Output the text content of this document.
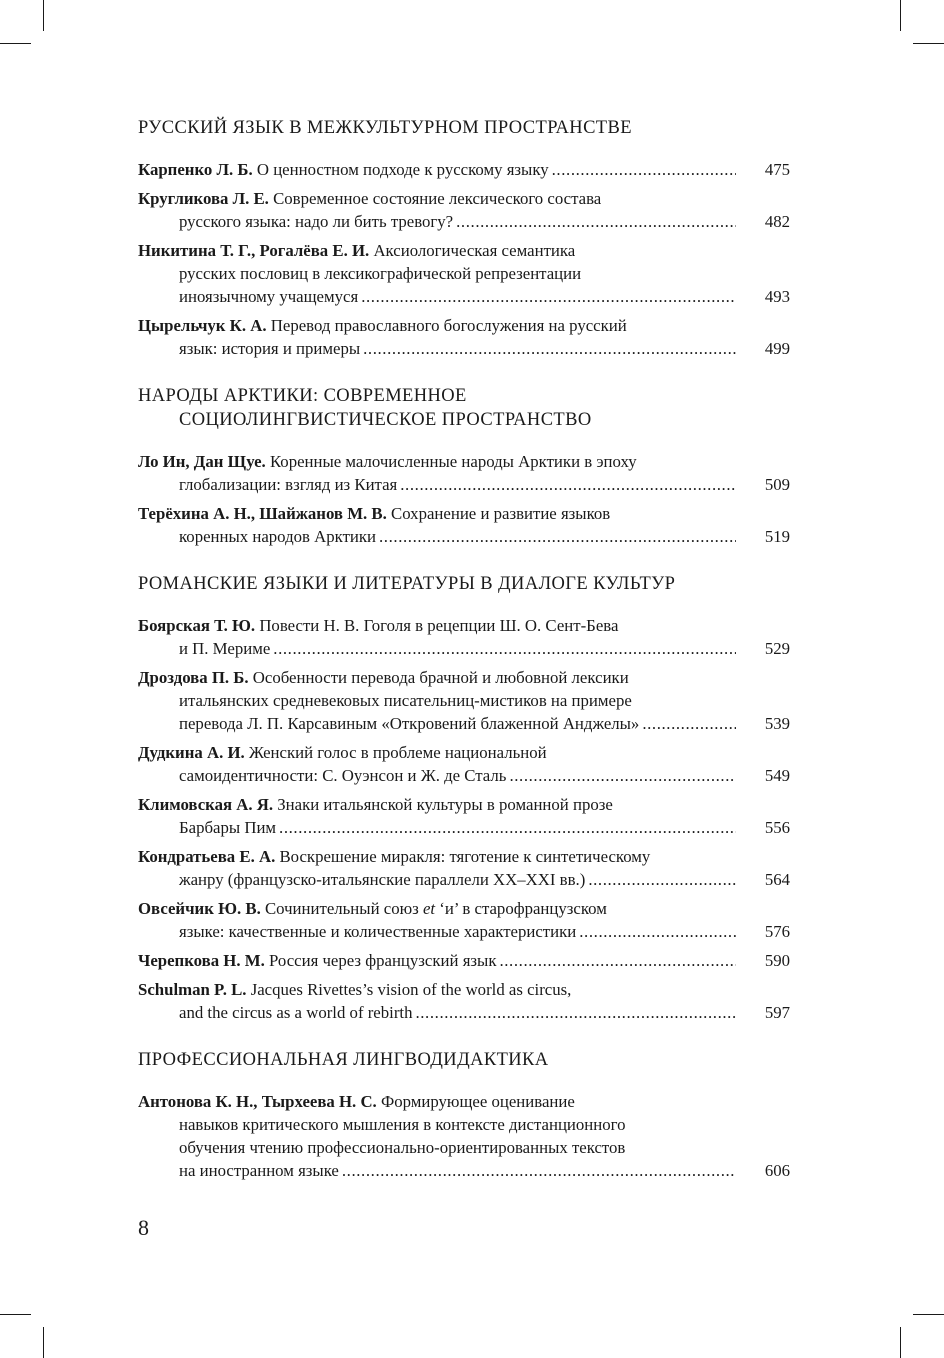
РУССКИЙ ЯЗЫК В МЕЖКУЛЬТУРНОМ ПРОСТРАНСТВЕ
Карпенко Л. Б. О ценностном подходе к русскому языку .....	475
Кругликова Л. Е. Современное состояние лексического состава
русского языка: надо ли бить тревогу? .....	482
Никитина Т. Г., Рогалёва Е. И. Аксиологическая семантика
русских пословиц в лексикографической репрезентации
иноязычному учащемуся .....	493
Цырельчук К. А. Перевод православного богослужения на русский
язык: история и примеры .....	499
НАРОДЫ АРКТИКИ: СОВРЕМЕННОЕ
СОЦИОЛИНГВИСТИЧЕСКОЕ ПРОСТРАНСТВО
Ло Ин, Дан Щуе. Коренные малочисленные народы Арктики в эпоху
глобализации: взгляд из Китая .....	509
Терёхина А. Н., Шайжанов М. В. Сохранение и развитие языков
коренных народов Арктики .....	519
РОМАНСКИЕ ЯЗЫКИ И ЛИТЕРАТУРЫ В ДИАЛОГЕ КУЛЬТУР
Боярская Т. Ю. Повести Н. В. Гоголя в рецепции Ш. О. Сент-Бева
и П. Мериме .....	529
Дроздова П. Б. Особенности перевода брачной и любовной лексики
итальянских средневековых писательниц-мистиков на примере
перевода Л. П. Карсавиным «Откровений блаженной Анджелы» .....	539
Дудкина А. И. Женский голос в проблеме национальной
самоидентичности: С. Оуэнсон и Ж. де Сталь .....	549
Климовская А. Я. Знаки итальянской культуры в романной прозе
Барбары Пим .....	556
Кондратьева Е. А. Воскрешение миракля: тяготение к синтетическому
жанру (французско-итальянские параллели XX–XXI вв.) .....	564
Овсейчик Ю. В. Сочинительный союз et ‘и’ в старофранцузском
языке: качественные и количественные характеристики .....	576
Черепкова Н. М. Россия через французский язык .....	590
Schulman P. L. Jacques Rivettes’s vision of the world as circus,
and the circus as a world of rebirth .....	597
ПРОФЕССИОНАЛЬНАЯ ЛИНГВОДИДАКТИКА
Антонова К. Н., Тырхеева Н. С. Формирующее оценивание
навыков критического мышления в контексте дистанционного
обучения чтению профессионально-ориентированных текстов
на иностранном языке .....	606
8
